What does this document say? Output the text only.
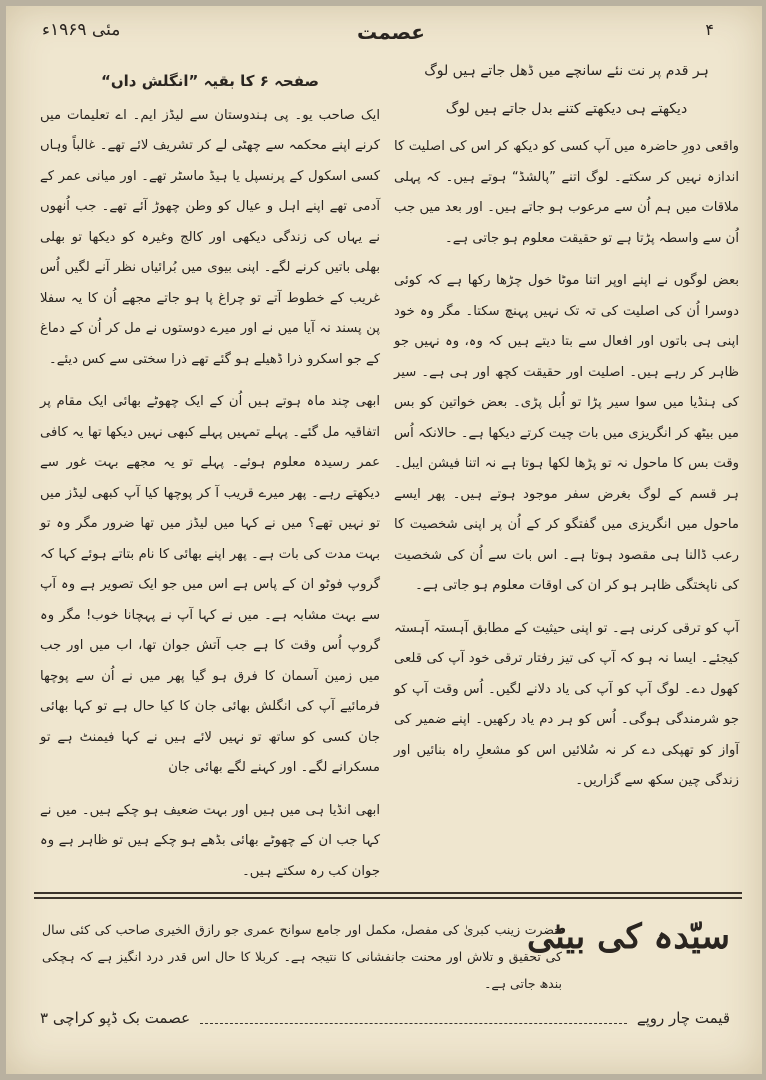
مئی ۱۹۶۹ء	عصمت	۴

ہر قدم پر نت نئے سانچے میں ڈھل جاتے ہیں لوگ

دیکھتے ہی دیکھتے کتنے بدل جاتے ہیں لوگ

واقعی دورِ حاضرہ میں آپ کسی کو دیکھ کر اس کی اصلیت کا اندازہ نہیں کر سکتے۔ لوگ اتنے ”پالشڈ“ ہوتے ہیں۔ کہ پہلی ملاقات میں ہم اُن سے مرعوب ہو جاتے ہیں۔ اور بعد میں جب اُن سے واسطہ پڑتا ہے تو حقیقت معلوم ہو جاتی ہے۔

بعض لوگوں نے اپنے اوپر اتنا موٹا خول چڑھا رکھا ہے کہ کوئی دوسرا اُن کی اصلیت کی تہ تک نہیں پہنچ سکتا۔ مگر وہ خود اپنی ہی باتوں اور افعال سے بتا دیتے ہیں کہ وہ، وہ نہیں جو ظاہر کر رہے ہیں۔ اصلیت اور حقیقت کچھ اور ہی ہے۔ سیر کی ہنڈیا میں سوا سیر پڑا تو اُبل پڑی۔ بعض خواتین کو بس میں بیٹھ کر انگریزی میں بات چیت کرتے دیکھا ہے۔ حالانکہ اُس وقت بس کا ماحول نہ تو پڑھا لکھا ہوتا ہے نہ اتنا فیشن ایبل۔ ہر قسم کے لوگ بغرض سفر موجود ہوتے ہیں۔ پھر ایسے ماحول میں انگریزی میں گفتگو کر کے اُن پر اپنی شخصیت کا رعب ڈالنا ہی مقصود ہوتا ہے۔ اس بات سے اُن کی شخصیت کی ناپختگی ظاہر ہو کر ان کی اوقات معلوم ہو جاتی ہے۔

آپ کو ترقی کرنی ہے۔ تو اپنی حیثیت کے مطابق آہستہ آہستہ کیجئے۔ ایسا نہ ہو کہ آپ کی تیز رفتار ترقی خود آپ کی قلعی کھول دے۔ لوگ آپ کو آپ کی یاد دلانے لگیں۔ اُس وقت آپ کو جو شرمندگی ہوگی۔ اُس کو ہر دم یاد رکھیں۔ اپنے ضمیر کی آواز کو تھپکی دے کر نہ سُلائیں اس کو مشعلِ راہ بنائیں اور زندگی چین سکھ سے گزاریں۔

صفحہ ۶ کا بقیہ ”انگلش داں“

ایک صاحب یو۔ پی ہندوستان سے لیڈز ایم۔ اے تعلیمات میں کرنے اپنے محکمہ سے چھٹی لے کر تشریف لائے تھے۔ غالباً وہاں کسی اسکول کے پرنسپل یا ہیڈ ماسٹر تھے۔ اور میانی عمر کے آدمی تھے اپنے اہل و عیال کو وطن چھوڑ آئے تھے۔ جب اُنھوں نے یہاں کی زندگی دیکھی اور کالج وغیرہ کو دیکھا تو بھلی بھلی باتیں کرنے لگے۔ اپنی بیوی میں بُرائیاں نظر آنے لگیں اُس غریب کے خطوط آتے تو چراغ پا ہو جاتے مجھے اُن کا یہ سفلا پن پسند نہ آیا میں نے اور میرے دوستوں نے مل کر اُن کے دماغ کے جو اسکرو ذرا ڈھیلے ہو گئے تھے ذرا سختی سے کس دیئے۔

ابھی چند ماہ ہوتے ہیں اُن کے ایک چھوٹے بھائی ایک مقام پر اتفاقیہ مل گئے۔ پہلے تمہیں پہلے کبھی نہیں دیکھا تھا یہ کافی عمر رسیدہ معلوم ہوئے۔ پہلے تو یہ مجھے بہت غور سے دیکھتے رہے۔ پھر میرے قریب آ کر پوچھا کیا آپ کبھی لیڈز میں تو نہیں تھے؟ میں نے کہا میں لیڈز میں تھا ضرور مگر وہ تو بہت مدت کی بات ہے۔ پھر اپنے بھائی کا نام بتاتے ہوئے کہا کہ گروپ فوٹو ان کے پاس ہے اس میں جو ایک تصویر ہے وہ آپ سے بہت مشابہ ہے۔ میں نے کہا آپ نے پہچانا خوب! مگر وہ گروپ اُس وقت کا ہے جب آتش جوان تھا، اب میں اور جب میں زمین آسمان کا فرق ہو گیا پھر میں نے اُن سے پوچھا فرمائیے آپ کی انگلش بھائی جان کا کیا حال ہے تو کہا بھائی جان کسی کو ساتھ تو نہیں لائے ہیں نے کہا فیمنٹ ہے تو مسکرانے لگے۔ اور کہنے لگے بھائی جان

ابھی انڈیا ہی میں ہیں اور بہت ضعیف ہو چکے ہیں۔ میں نے کہا جب ان کے چھوٹے بھائی بڈھے ہو چکے ہیں تو ظاہر ہے وہ جوان کب رہ سکتے ہیں۔

سیّدہ کی بیٹی
حضرت زینب کبریٰ کی مفصل، مکمل اور جامع سوانح عمری جو رازق الخیری صاحب کی کئی سال کی تحقیق و تلاش اور محنت جانفشانی کا نتیجہ ہے۔ کربلا کا حال اس قدر درد انگیز ہے کہ ہچکی بندھ جاتی ہے۔
قیمت چار روپے
عصمت بک ڈپو کراچی ۳
